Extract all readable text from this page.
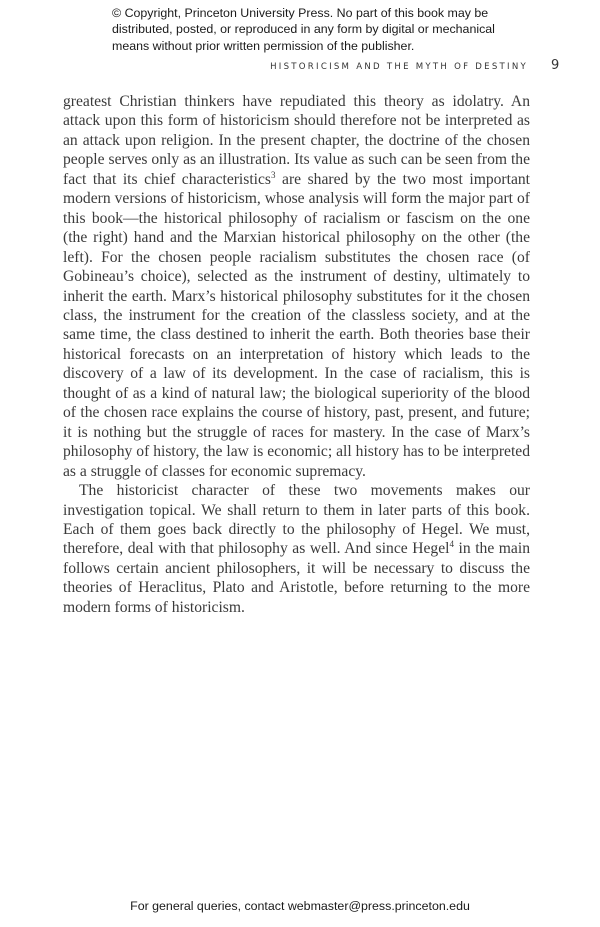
© Copyright, Princeton University Press. No part of this book may be
distributed, posted, or reproduced in any form by digital or mechanical
means without prior written permission of the publisher.
HISTORICISM AND THE MYTH OF DESTINY 9

greatest Christian thinkers have repudiated this theory as idolatry. An attack upon this form of historicism should therefore not be interpreted as an attack upon religion. In the present chapter, the doctrine of the chosen people serves only as an illustration. Its value as such can be seen from the fact that its chief characteristics$^3$ are shared by the two most important modern versions of historicism, whose analysis will form the major part of this book—the historical philosophy of racialism or fascism on the one (the right) hand and the Marxian historical philosophy on the other (the left). For the chosen people racialism substitutes the chosen race (of Gobineau’s choice), selected as the instrument of destiny, ultimately to inherit the earth. Marx’s historical philosophy substitutes for it the chosen class, the instrument for the creation of the classless society, and at the same time, the class destined to inherit the earth. Both theories base their historical forecasts on an interpretation of history which leads to the discovery of a law of its development. In the case of racialism, this is thought of as a kind of natural law; the biological superiority of the blood of the chosen race explains the course of history, past, present, and future; it is nothing but the struggle of races for mastery. In the case of Marx’s philosophy of history, the law is economic; all history has to be interpreted as a struggle of classes for economic supremacy.

The historicist character of these two movements makes our investigation topical. We shall return to them in later parts of this book. Each of them goes back directly to the philosophy of Hegel. We must, therefore, deal with that philosophy as well. And since Hegel$^4$ in the main follows certain ancient philosophers, it will be necessary to discuss the theories of Heraclitus, Plato and Aristotle, before returning to the more modern forms of historicism.

For general queries, contact webmaster@press.princeton.edu
